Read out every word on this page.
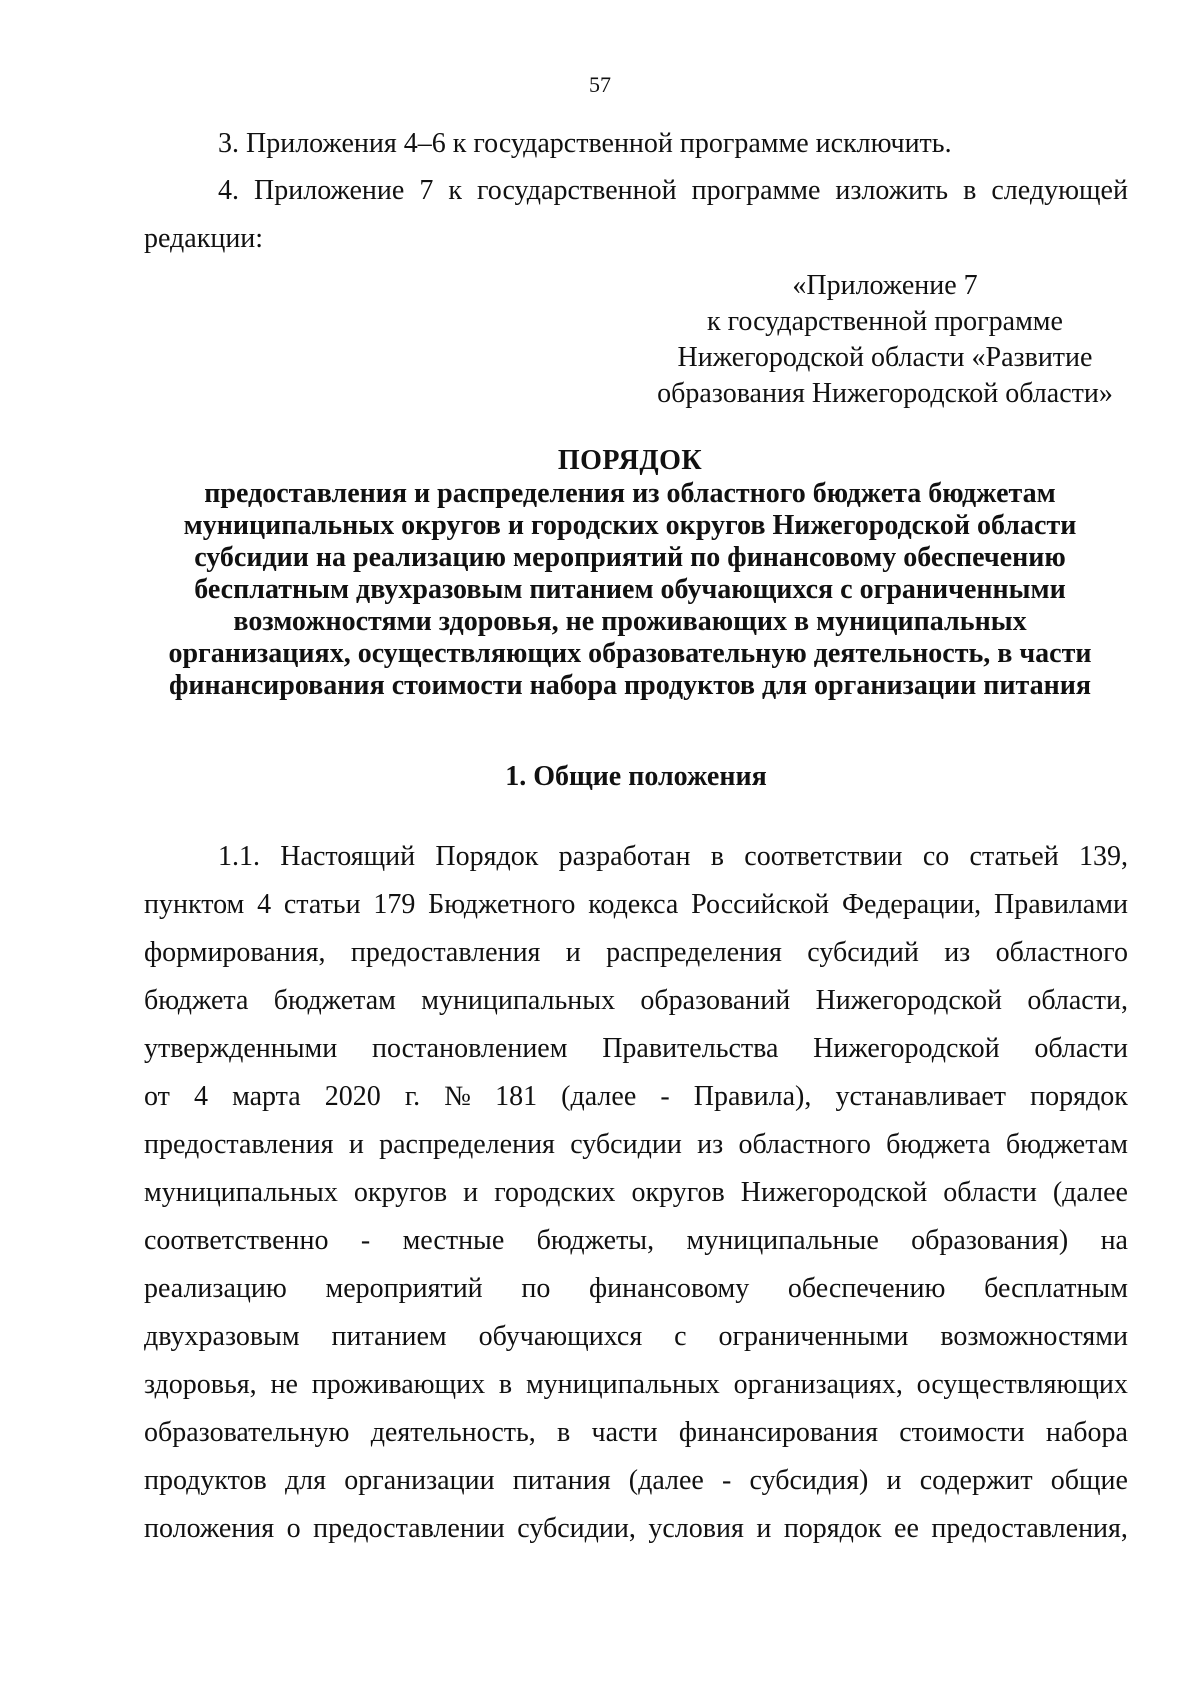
57

3. Приложения 4–6 к государственной программе исключить.

4. Приложение 7 к государственной программе изложить в следующей
редакции:
«Приложение 7
к государственной программе
Нижегородской области «Развитие
образования Нижегородской области»
ПОРЯДОК
предоставления и распределения из областного бюджета бюджетам
муниципальных округов и городских округов Нижегородской области
субсидии на реализацию мероприятий по финансовому обеспечению
бесплатным двухразовым питанием обучающихся с ограниченными
возможностями здоровья, не проживающих в муниципальных
организациях, осуществляющих образовательную деятельность, в части
финансирования стоимости набора продуктов для организации питания
1. Общие положения
1.1. Настоящий Порядок разработан в соответствии со статьей 139,
пунктом 4 статьи 179 Бюджетного кодекса Российской Федерации, Правилами
формирования, предоставления и распределения субсидий из областного
бюджета бюджетам муниципальных образований Нижегородской области,
утвержденными постановлением Правительства Нижегородской области
от 4 марта 2020 г. № 181 (далее - Правила), устанавливает порядок
предоставления и распределения субсидии из областного бюджета бюджетам
муниципальных округов и городских округов Нижегородской области (далее
соответственно - местные бюджеты, муниципальные образования) на
реализацию мероприятий по финансовому обеспечению бесплатным
двухразовым питанием обучающихся с ограниченными возможностями
здоровья, не проживающих в муниципальных организациях, осуществляющих
образовательную деятельность, в части финансирования стоимости набора
продуктов для организации питания (далее - субсидия) и содержит общие
положения о предоставлении субсидии, условия и порядок ее предоставления,
